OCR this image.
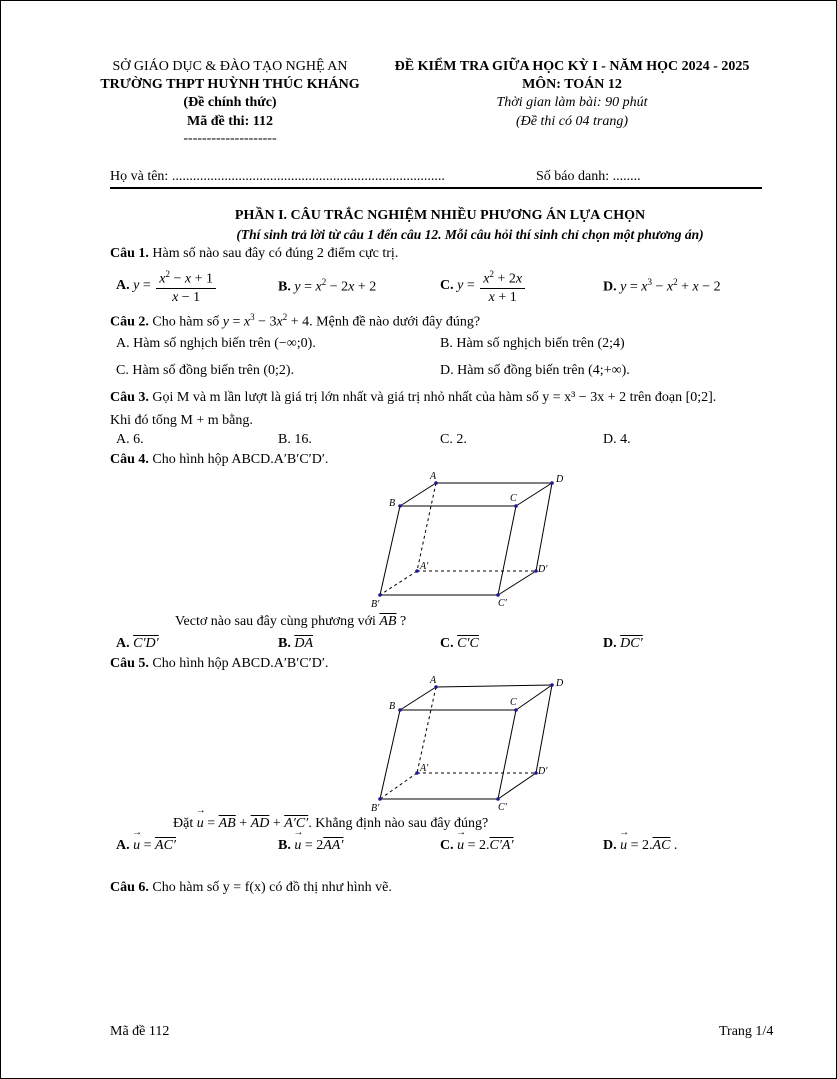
SỞ GIÁO DỤC & ĐÀO TẠO NGHỆ AN
TRƯỜNG THPT HUỲNH THÚC KHÁNG
(Đề chính thức)
Mã đề thi: 112
--------------------
ĐỀ KIỂM TRA GIỮA HỌC KỲ I - NĂM HỌC 2024 - 2025
MÔN: TOÁN 12
Thời gian làm bài: 90 phút
(Đề thi có 04 trang)
Họ và tên: ..............................................................................	Số báo danh: ........
PHẦN I. CÂU TRẮC NGHIỆM NHIỀU PHƯƠNG ÁN LỰA CHỌN
(Thí sinh trả lời từ câu 1 đến câu 12. Mỗi câu hỏi thí sinh chỉ chọn một phương án)
Câu 1. Hàm số nào sau đây có đúng 2 điểm cực trị.
A. $y = \frac{x^2 - x + 1}{x - 1}$	B. $y = x^2 - 2x + 2$	C. $y = \frac{x^2 + 2x}{x + 1}$	D. $y = x^3 - x^2 + x - 2$
Câu 2. Cho hàm số $y = x^3 - 3x^2 + 4$. Mệnh đề nào dưới đây đúng?
A. Hàm số nghịch biến trên (−∞;0).	B. Hàm số nghịch biến trên (2;4)
C. Hàm số đồng biến trên (0;2).	D. Hàm số đồng biến trên (4;+∞).
Câu 3. Gọi M và m lần lượt là giá trị lớn nhất và giá trị nhỏ nhất của hàm số y = x³ − 3x + 2 trên đoạn [0;2].
Khi đó tổng M + m bằng.
A. 6.	B. 16.	C. 2.	D. 4.
Câu 4. Cho hình hộp ABCD.A′B′C′D′.
A	D
B	C
A′	D′
B′	C′
Vectơ nào sau đây cùng phương với $\overline{AB}$ ?
A. C′D′	B. $\overline{DA}$	C. C′C	D. DC′
Câu 5. Cho hình hộp ABCD.A′B′C′D′.
A	D
B	C
A′	D′
B′	C′
Đặt → $u = \overline{AB} + \overline{AD} + A'C'$. Khẳng định nào sau đây đúng?
A. → u = AC′	B. → u = 2AA′	C. → u = 2.C′A′	D. → $u = 2.\overline{AC}$ .
Câu 6. Cho hàm số y = f(x) có đồ thị như hình vẽ.
Mã đề 112	Trang 1/4
